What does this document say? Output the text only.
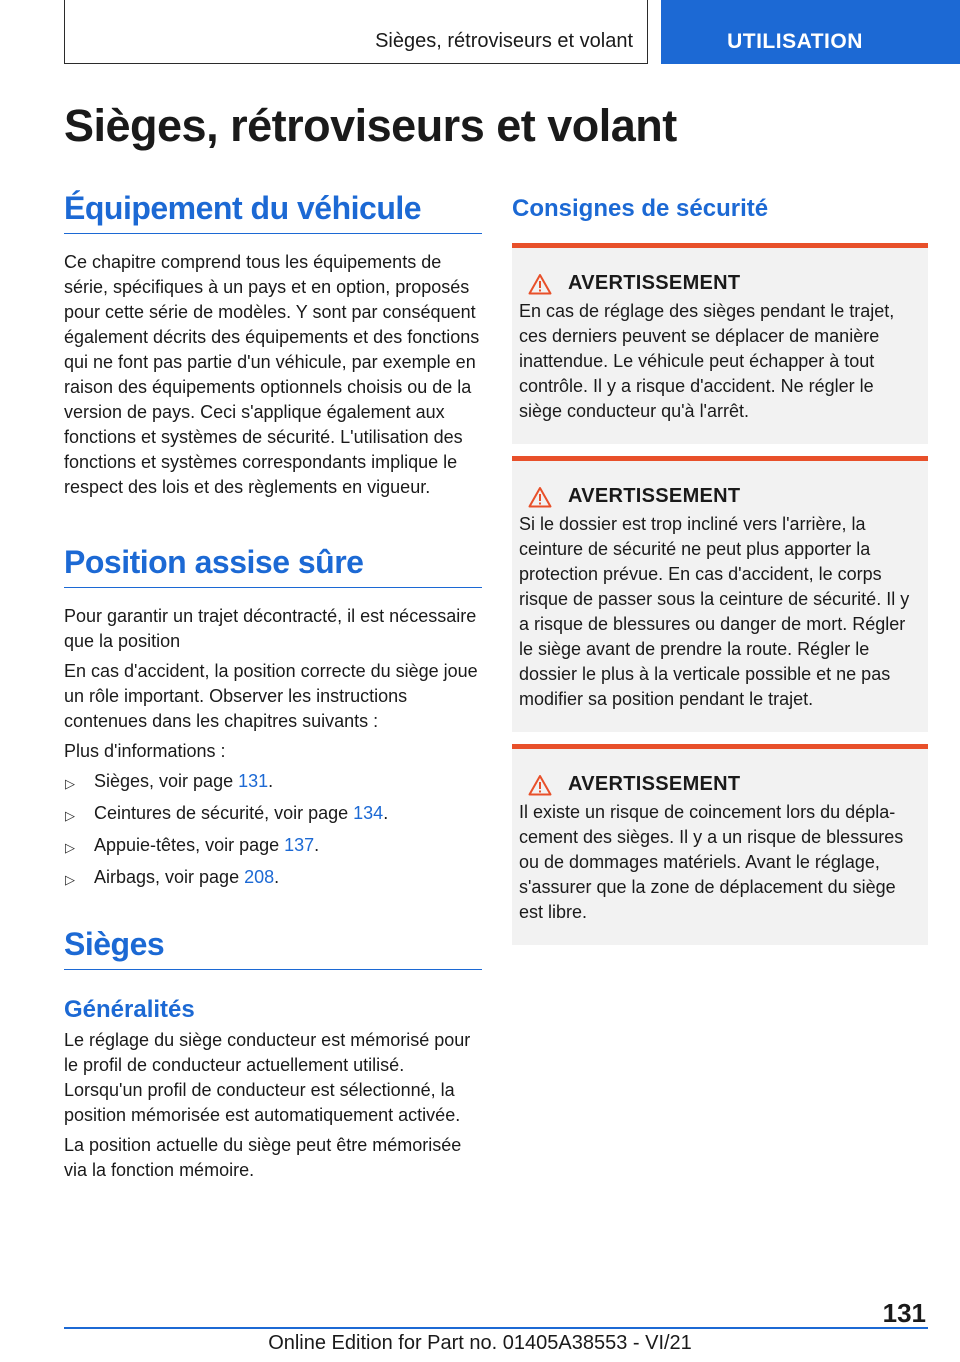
Sièges, rétroviseurs et volant	UTILISATION
Sièges, rétroviseurs et volant
Équipement du véhicule

Ce chapitre comprend tous les équipements de série, spécifiques à un pays et en option, proposés pour cette série de modèles. Y sont par conséquent également décrits des équipements et des fonctions qui ne font pas partie d'un véhicule, par exemple en raison des équipements optionnels choisis ou de la version de pays. Ceci s'applique également aux fonctions et systèmes de sécurité. L'utilisation des fonctions et systèmes correspondants implique le respect des lois et des règlements en vigueur.

Position assise sûre

Pour garantir un trajet décontracté, il est nécessaire que la position

En cas d'accident, la position correcte du siège joue un rôle important. Observer les instructions contenues dans les chapitres suivants :

Plus d'informations :

▷ Sièges, voir page 131.
▷ Ceintures de sécurité, voir page 134.
▷ Appuie-têtes, voir page 137.
▷ Airbags, voir page 208.
Sièges
Généralités

Le réglage du siège conducteur est mémorisé pour le profil de conducteur actuellement utilisé. Lorsqu'un profil de conducteur est sélectionné, la position mémorisée est automatiquement activée.

La position actuelle du siège peut être mémorisée via la fonction mémoire.

Consignes de sécurité
AVERTISSEMENT

En cas de réglage des sièges pendant le trajet, ces derniers peuvent se déplacer de manière inattendue. Le véhicule peut échapper à tout contrôle. Il y a risque d'accident. Ne régler le siège conducteur qu'à l'arrêt.

AVERTISSEMENT

Si le dossier est trop incliné vers l'arrière, la ceinture de sécurité ne peut plus apporter la protection prévue. En cas d'accident, le corps risque de passer sous la ceinture de sécurité. Il y a risque de blessures ou danger de mort. Régler le siège avant de prendre la route. Régler le dossier le plus à la verticale possible et ne pas modifier sa position pendant le trajet.

AVERTISSEMENT

Il existe un risque de coincement lors du déplacement des sièges. Il y a un risque de blessures ou de dommages matériels. Avant le réglage, s'assurer que la zone de déplacement du siège est libre.

131
Online Edition for Part no. 01405A38553 - VI/21
